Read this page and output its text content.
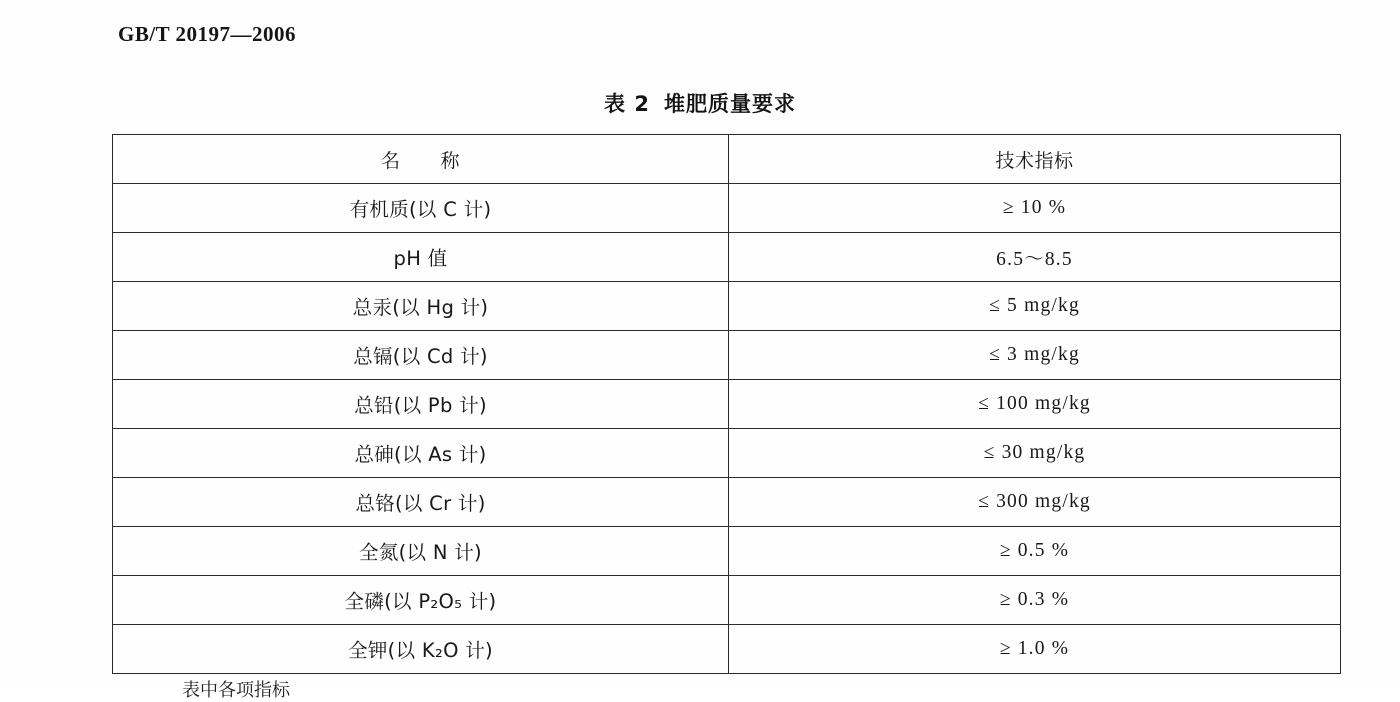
GB/T 20197—2006
表 2 堆肥质量要求
名 称	技术指标
有机质(以 C 计)	≥ 10 %
pH 值	6.5～8.5
总汞(以 Hg 计)	≤ 5 mg/kg
总镉(以 Cd 计)	≤ 3 mg/kg
总铅(以 Pb 计)	≤ 100 mg/kg
总砷(以 As 计)	≤ 30 mg/kg
总铬(以 Cr 计)	≤ 300 mg/kg
全氮(以 N 计)	≥ 0.5 %
全磷(以 P₂O₅ 计)	≥ 0.3 %
全钾(以 K₂O 计)	≥ 1.0 %
表中各项指标
